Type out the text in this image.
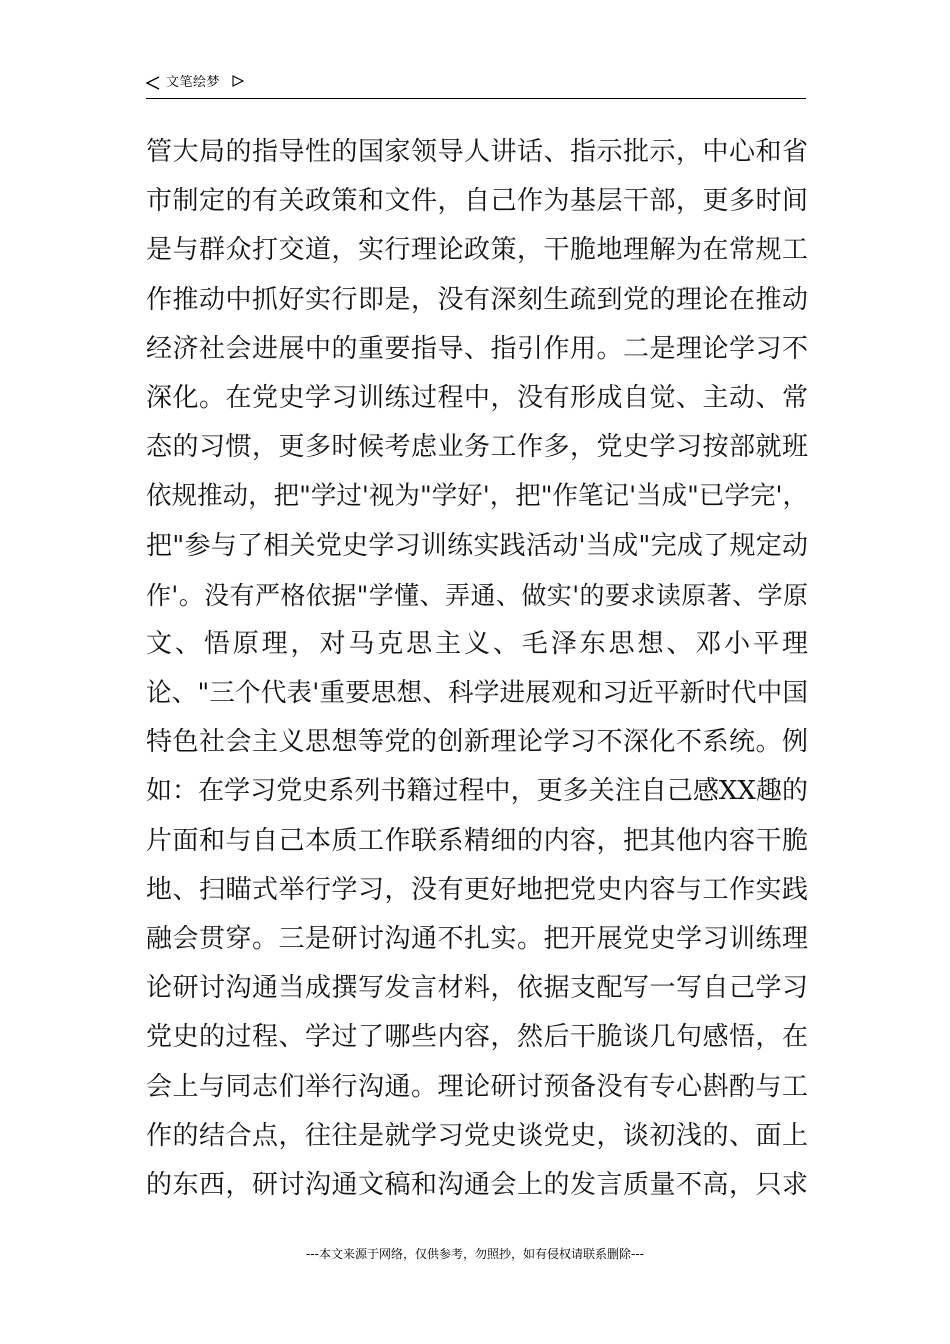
文笔绘梦
管大局的指导性的国家领导人讲话、指示批示，中心和省
市制定的有关政策和文件，自己作为基层干部，更多时间
是与群众打交道，实行理论政策，干脆地理解为在常规工
作推动中抓好实行即是，没有深刻生疏到党的理论在推动
经济社会进展中的重要指导、指引作用。二是理论学习不
深化。在党史学习训练过程中，没有形成自觉、主动、常
态的习惯，更多时候考虑业务工作多，党史学习按部就班
依规推动，把"学过'视为"学好'，把"作笔记'当成"已学完'，
把"参与了相关党史学习训练实践活动'当成"完成了规定动
作'。没有严格依据"学懂、弄通、做实'的要求读原著、学原
文、悟原理，对马克思主义、毛泽东思想、邓小平理
论、"三个代表'重要思想、科学进展观和习近平新时代中国
特色社会主义思想等党的创新理论学习不深化不系统。例
如：在学习党史系列书籍过程中，更多关注自己感XX趣的
片面和与自己本质工作联系精细的内容，把其他内容干脆
地、扫瞄式举行学习，没有更好地把党史内容与工作实践
融会贯穿。三是研讨沟通不扎实。把开展党史学习训练理
论研讨沟通当成撰写发言材料，依据支配写一写自己学习
党史的过程、学过了哪些内容，然后干脆谈几句感悟，在
会上与同志们举行沟通。理论研讨预备没有专心斟酌与工
作的结合点，往往是就学习党史谈党史，谈初浅的、面上
的东西，研讨沟通文稿和沟通会上的发言质量不高，只求
---本文来源于网络，仅供参考，勿照抄，如有侵权请联系删除---
